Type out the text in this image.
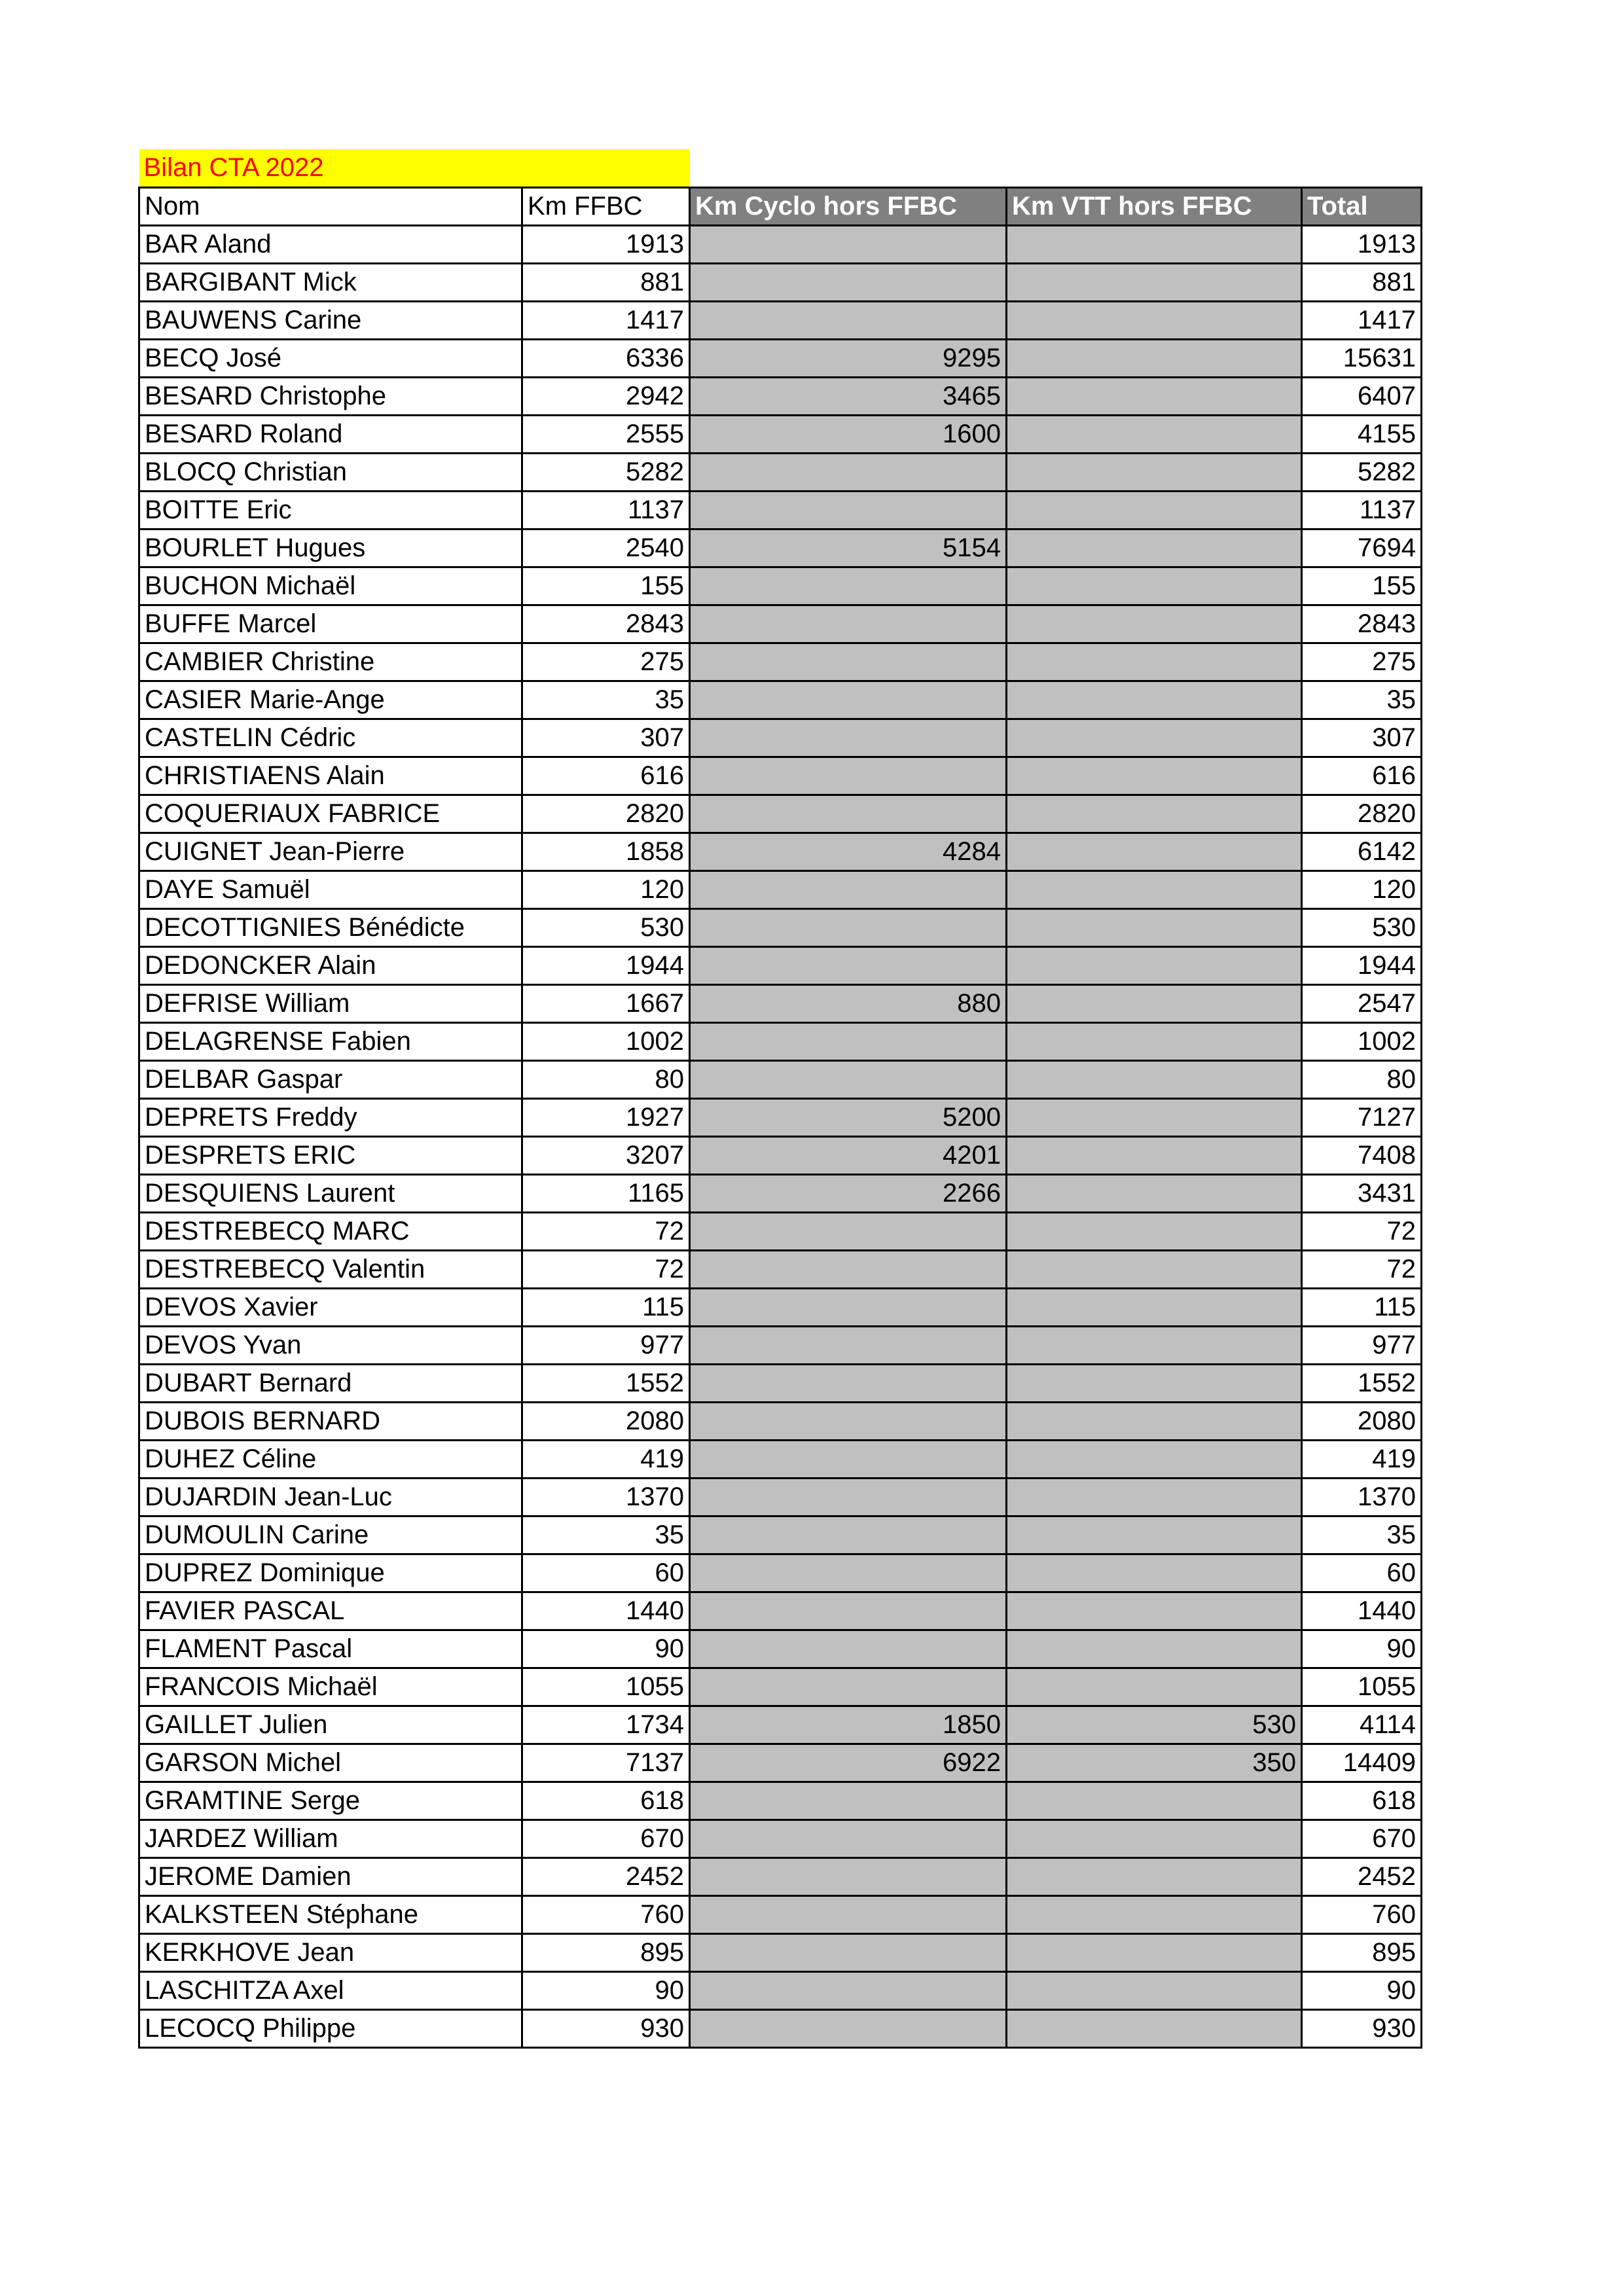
Bilan CTA 2022				
Nom	Km FFBC	Km Cyclo hors FFBC	Km VTT hors FFBC	Total
BAR Aland	1913			1913
BARGIBANT Mick	881			881
BAUWENS Carine	1417			1417
BECQ José	6336	9295		15631
BESARD Christophe	2942	3465		6407
BESARD Roland	2555	1600		4155
BLOCQ Christian	5282			5282
BOITTE Eric	1137			1137
BOURLET Hugues	2540	5154		7694
BUCHON Michaël	155			155
BUFFE Marcel	2843			2843
CAMBIER Christine	275			275
CASIER Marie-Ange	35			35
CASTELIN Cédric	307			307
CHRISTIAENS Alain	616			616
COQUERIAUX FABRICE	2820			2820
CUIGNET Jean-Pierre	1858	4284		6142
DAYE Samuël	120			120
DECOTTIGNIES Bénédicte	530			530
DEDONCKER Alain	1944			1944
DEFRISE William	1667	880		2547
DELAGRENSE Fabien	1002			1002
DELBAR Gaspar	80			80
DEPRETS Freddy	1927	5200		7127
DESPRETS ERIC	3207	4201		7408
DESQUIENS Laurent	1165	2266		3431
DESTREBECQ MARC	72			72
DESTREBECQ Valentin	72			72
DEVOS Xavier	115			115
DEVOS Yvan	977			977
DUBART Bernard	1552			1552
DUBOIS BERNARD	2080			2080
DUHEZ Céline	419			419
DUJARDIN Jean-Luc	1370			1370
DUMOULIN Carine	35			35
DUPREZ Dominique	60			60
FAVIER PASCAL	1440			1440
FLAMENT Pascal	90			90
FRANCOIS Michaël	1055			1055
GAILLET Julien	1734	1850	530	4114
GARSON Michel	7137	6922	350	14409
GRAMTINE Serge	618			618
JARDEZ William	670			670
JEROME Damien	2452			2452
KALKSTEEN Stéphane	760			760
KERKHOVE Jean	895			895
LASCHITZA Axel	90			90
LECOCQ Philippe	930			930
